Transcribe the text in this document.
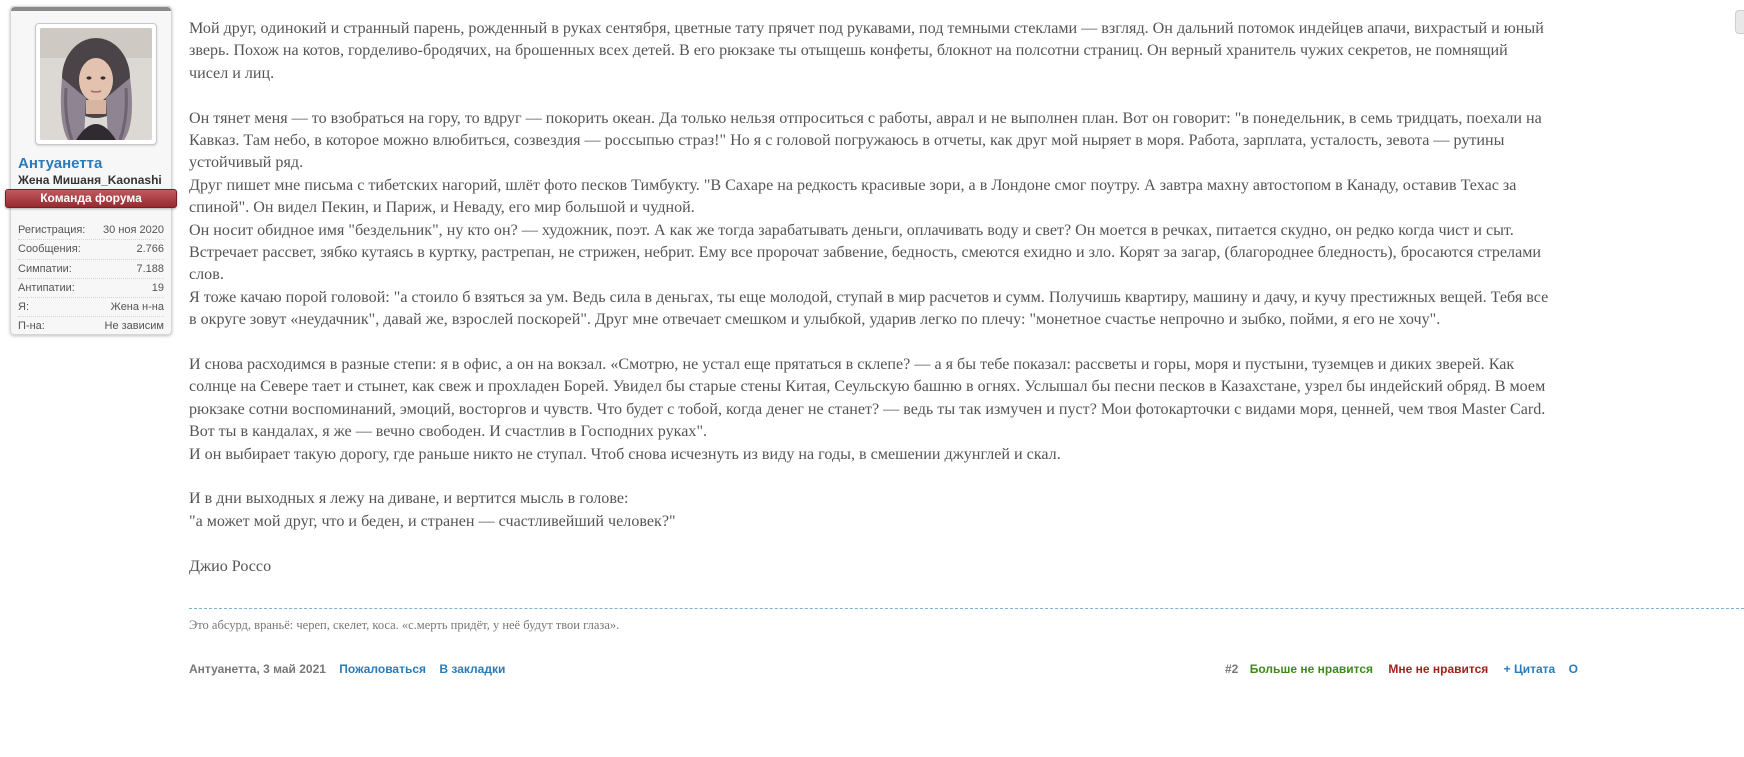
Антуанетта
Жена Мишаня_Kaonashi
Команда форума
Регистрация: 30 ноя 2020
Сообщения:	2.766
Симпатии:	7.188
Антипатии:	19
Я:	Жена н-на
П-на:	Не зависим

Мой друг, одинокий и странный парень, рожденный в руках сентября, цветные тату прячет под рукавами, под темными стеклами — взгляд. Он дальний потомок индейцев апачи, вихрастый и юный зверь. Похож на котов, горделиво-бродячих, на брошенных всех детей. В его рюкзаке ты отыщешь конфеты, блокнот на полсотни страниц. Он верный хранитель чужих секретов, не помнящий чисел и лиц.

Он тянет меня — то взобраться на гору, то вдруг — покорить океан. Да только нельзя отпроситься с работы, аврал и не выполнен план. Вот он говорит: "в понедельник, в семь тридцать, поехали на Кавказ. Там небо, в которое можно влюбиться, созвездия — россыпью страз!" Но я с головой погружаюсь в отчеты, как друг мой ныряет в моря. Работа, зарплата, усталость, зевота — рутины устойчивый ряд.

Друг пишет мне письма с тибетских нагорий, шлёт фото песков Тимбукту. "В Сахаре на редкость красивые зори, а в Лондоне смог поутру. А завтра махну автостопом в Канаду, оставив Техас за спиной". Он видел Пекин, и Париж, и Неваду, его мир большой и чудной.

Он носит обидное имя "бездельник", ну кто он? — художник, поэт. А как же тогда зарабатывать деньги, оплачивать воду и свет? Он моется в речках, питается скудно, он редко когда чист и сыт. Встречает рассвет, зябко кутаясь в куртку, растрепан, не стрижен, небрит. Ему все пророчат забвение, бедность, смеются ехидно и зло. Корят за загар, (благороднее бледность), бросаются стрелами слов.

Я тоже качаю порой головой: "а стоило б взяться за ум. Ведь сила в деньгах, ты еще молодой, ступай в мир расчетов и сумм. Получишь квартиру, машину и дачу, и кучу престижных вещей. Тебя все в округе зовут «неудачник", давай же, взрослей поскорей". Друг мне отвечает смешком и улыбкой, ударив легко по плечу: "монетное счастье непрочно и зыбко, пойми, я его не хочу".

И снова расходимся в разные степи: я в офис, а он на вокзал. «Смотрю, не устал еще прятаться в склепе? — а я бы тебе показал: рассветы и горы, моря и пустыни, туземцев и диких зверей. Как солнце на Севере тает и стынет, как свеж и прохладен Борей. Увидел бы старые стены Китая, Сеульскую башню в огнях. Услышал бы песни песков в Казахстане, узрел бы индейский обряд. В моем рюкзаке сотни воспоминаний, эмоций, восторгов и чувств. Что будет с тобой, когда денег не станет? — ведь ты так измучен и пуст? Мои фотокарточки с видами моря, ценней, чем твоя Master Card. Вот ты в кандалах, я же — вечно свободен. И счастлив в Господних руках".

И он выбирает такую дорогу, где раньше никто не ступал. Чтоб снова исчезнуть из виду на годы, в смешении джунглей и скал.

И в дни выходных я лежу на диване, и вертится мысль в голове:

"а может мой друг, что и беден, и странен — счастливейший человек?"

Джио Россо

Это абсурд, враньё: череп, скелет, коса. «с.мерть придёт, у неё будут твои глаза».
Антуанетта, 3 май 2021 Пожаловаться В закладки	#2 Больше не нравится Мне не нравится + Цитата О
